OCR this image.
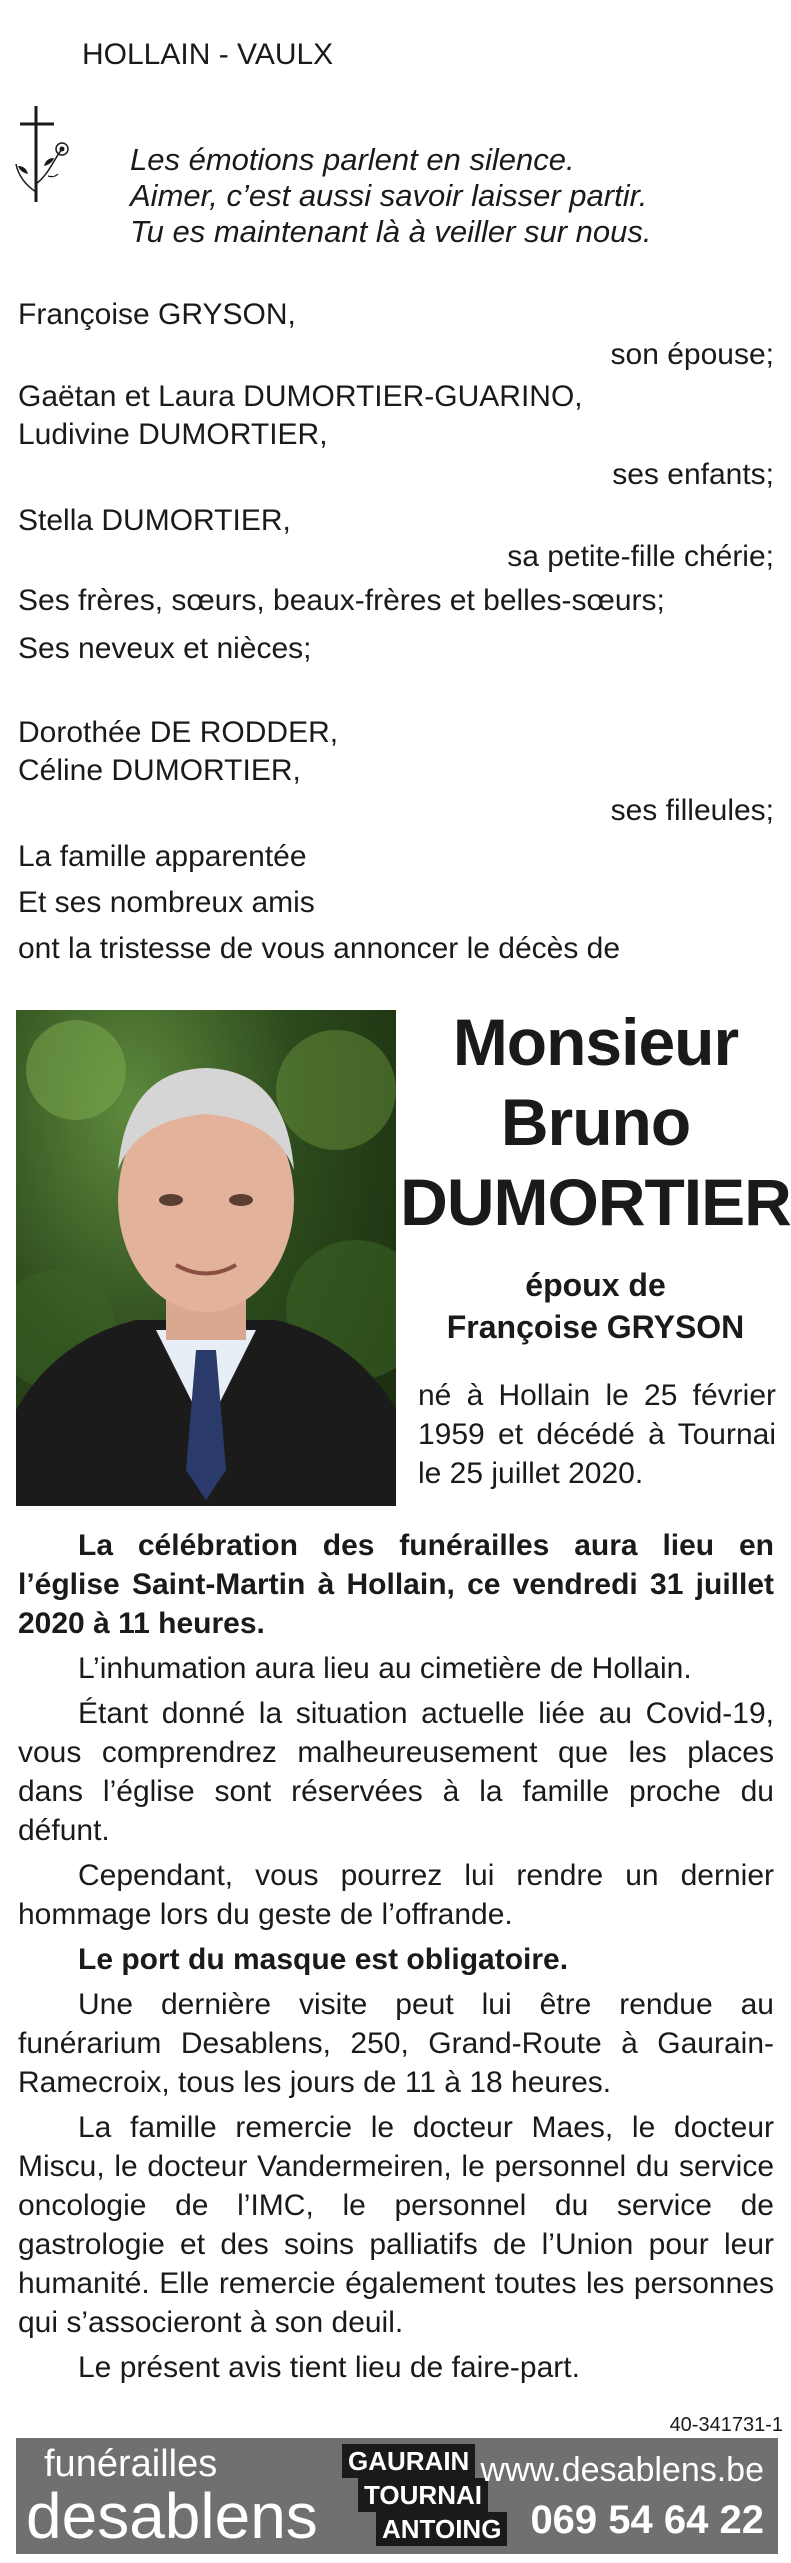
HOLLAIN - VAULX
Les émotions parlent en silence.
Aimer, c’est aussi savoir laisser partir.
Tu es maintenant là à veiller sur nous.
Françoise GRYSON,
son épouse;
Gaëtan et Laura DUMORTIER-GUARINO,
Ludivine DUMORTIER,
ses enfants;
Stella DUMORTIER,
sa petite-fille chérie;
Ses frères, sœurs, beaux-frères et belles-sœurs;
Ses neveux et nièces;
Dorothée DE RODDER,
Céline DUMORTIER,
ses filleules;
La famille apparentée
Et ses nombreux amis
ont la tristesse de vous annoncer le décès de
Monsieur
Bruno
DUMORTIER
époux de
Françoise GRYSON
né à Hollain le 25 février 1959 et décédé à Tournai le 25 juillet 2020.

La célébration des funérailles aura lieu en l’église Saint-Martin à Hollain, ce vendredi 31 juillet 2020 à 11 heures.

L’inhumation aura lieu au cimetière de Hollain.

Étant donné la situation actuelle liée au Covid-19, vous comprendrez malheureusement que les places dans l’église sont réservées à la famille proche du défunt.

Cependant, vous pourrez lui rendre un dernier hommage lors du geste de l’offrande.

Le port du masque est obligatoire.

Une dernière visite peut lui être rendue au funérarium Desablens, 250, Grand-Route à Gaurain-Ramecroix, tous les jours de 11 à 18 heures.

La famille remercie le docteur Maes, le docteur Miscu, le docteur Vandermeiren, le personnel du service oncologie de l’IMC, le personnel du service de gastrologie et des soins palliatifs de l’Union pour leur humanité. Elle remercie également toutes les personnes qui s’associeront à son deuil.

Le présent avis tient lieu de faire-part.

40-341731-1
funérailles
desablens
GAURAIN
TOURNAI
ANTOING
www.desablens.be
069 54 64 22
